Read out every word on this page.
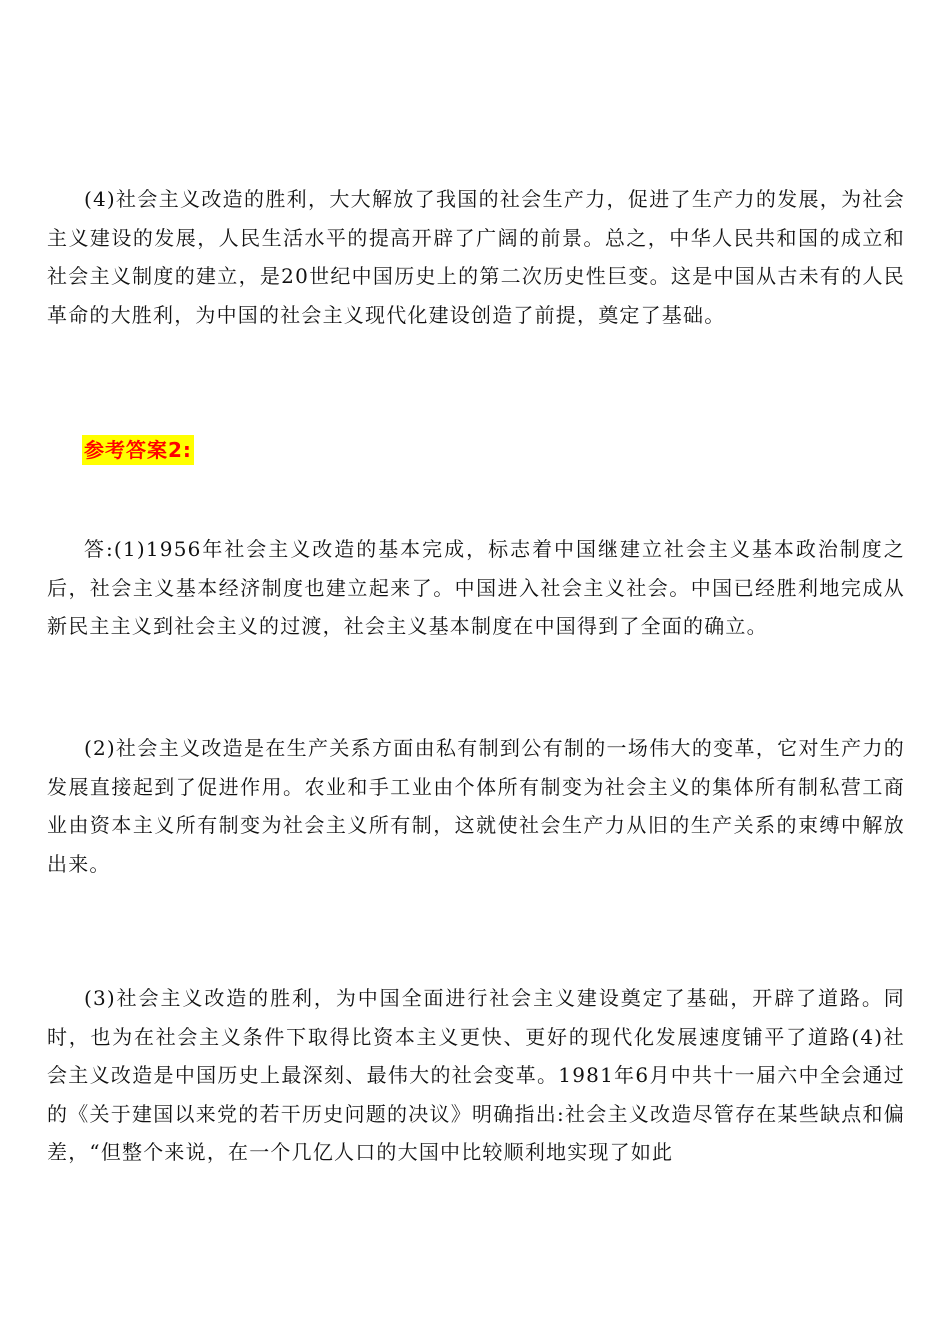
(4)社会主义改造的胜利，大大解放了我国的社会生产力，促进了生产力的发展，为社会主义建设的发展，人民生活水平的提高开辟了广阔的前景。总之，中华人民共和国的成立和社会主义制度的建立，是20世纪中国历史上的第二次历史性巨变。这是中国从古未有的人民革命的大胜利，为中国的社会主义现代化建设创造了前提，奠定了基础。

参考答案2:

答:(1)1956年社会主义改造的基本完成，标志着中国继建立社会主义基本政治制度之后，社会主义基本经济制度也建立起来了。中国进入社会主义社会。中国已经胜利地完成从新民主主义到社会主义的过渡，社会主义基本制度在中国得到了全面的确立。

(2)社会主义改造是在生产关系方面由私有制到公有制的一场伟大的变革，它对生产力的发展直接起到了促进作用。农业和手工业由个体所有制变为社会主义的集体所有制私营工商业由资本主义所有制变为社会主义所有制，这就使社会生产力从旧的生产关系的束缚中解放出来。

(3)社会主义改造的胜利，为中国全面进行社会主义建设奠定了基础，开辟了道路。同时，也为在社会主义条件下取得比资本主义更快、更好的现代化发展速度铺平了道路(4)社会主义改造是中国历史上最深刻、最伟大的社会变革。1981年6月中共十一届六中全会通过的《关于建国以来党的若干历史问题的决议》明确指出:社会主义改造尽管存在某些缺点和偏差，“但整个来说，在一个几亿人口的大国中比较顺利地实现了如此
